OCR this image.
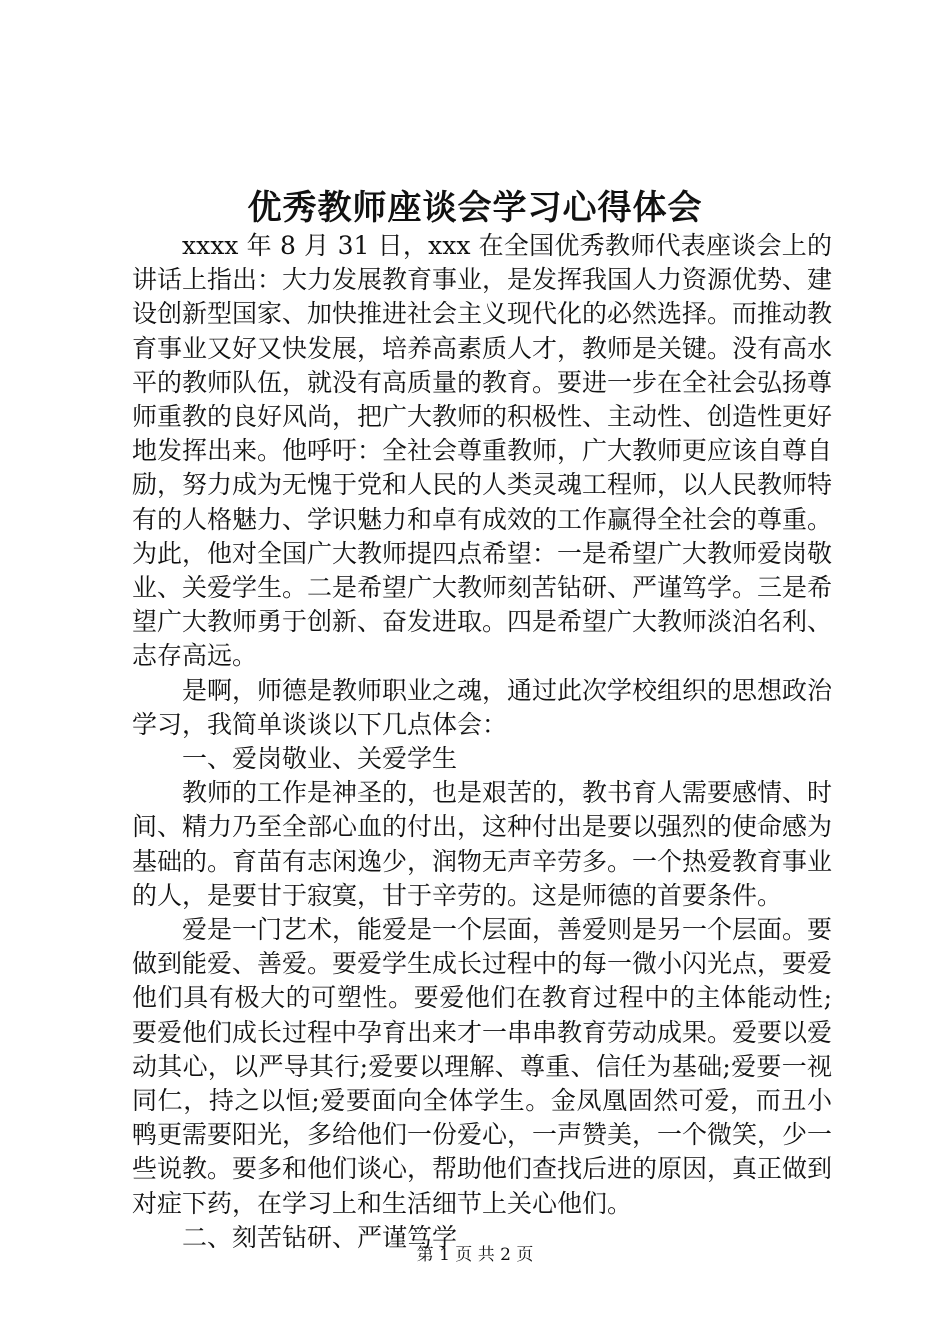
优秀教师座谈会学习心得体会

xxxx 年 8 月 31 日，xxx 在全国优秀教师代表座谈会上的讲话上指出：大力发展教育事业，是发挥我国人力资源优势、建设创新型国家、加快推进社会主义现代化的必然选择。而推动教育事业又好又快发展，培养高素质人才，教师是关键。没有高水平的教师队伍，就没有高质量的教育。要进一步在全社会弘扬尊师重教的良好风尚，把广大教师的积极性、主动性、创造性更好地发挥出来。他呼吁：全社会尊重教师，广大教师更应该自尊自励，努力成为无愧于党和人民的人类灵魂工程师，以人民教师特有的人格魅力、学识魅力和卓有成效的工作赢得全社会的尊重。为此，他对全国广大教师提四点希望：一是希望广大教师爱岗敬业、关爱学生。二是希望广大教师刻苦钻研、严谨笃学。三是希望广大教师勇于创新、奋发进取。四是希望广大教师淡泊名利、志存高远。

是啊，师德是教师职业之魂，通过此次学校组织的思想政治学习，我简单谈谈以下几点体会：

一、爱岗敬业、关爱学生

教师的工作是神圣的，也是艰苦的，教书育人需要感情、时间、精力乃至全部心血的付出，这种付出是要以强烈的使命感为基础的。育苗有志闲逸少，润物无声辛劳多。一个热爱教育事业的人，是要甘于寂寞，甘于辛劳的。这是师德的首要条件。

爱是一门艺术，能爱是一个层面，善爱则是另一个层面。要做到能爱、善爱。要爱学生成长过程中的每一微小闪光点，要爱他们具有极大的可塑性。要爱他们在教育过程中的主体能动性;要爱他们成长过程中孕育出来才一串串教育劳动成果。爱要以爱动其心，以严导其行;爱要以理解、尊重、信任为基础;爱要一视同仁，持之以恒;爱要面向全体学生。金凤凰固然可爱，而丑小鸭更需要阳光，多给他们一份爱心，一声赞美，一个微笑，少一些说教。要多和他们谈心，帮助他们查找后进的原因，真正做到对症下药，在学习上和生活细节上关心他们。

二、刻苦钻研、严谨笃学

第 1 页 共 2 页
